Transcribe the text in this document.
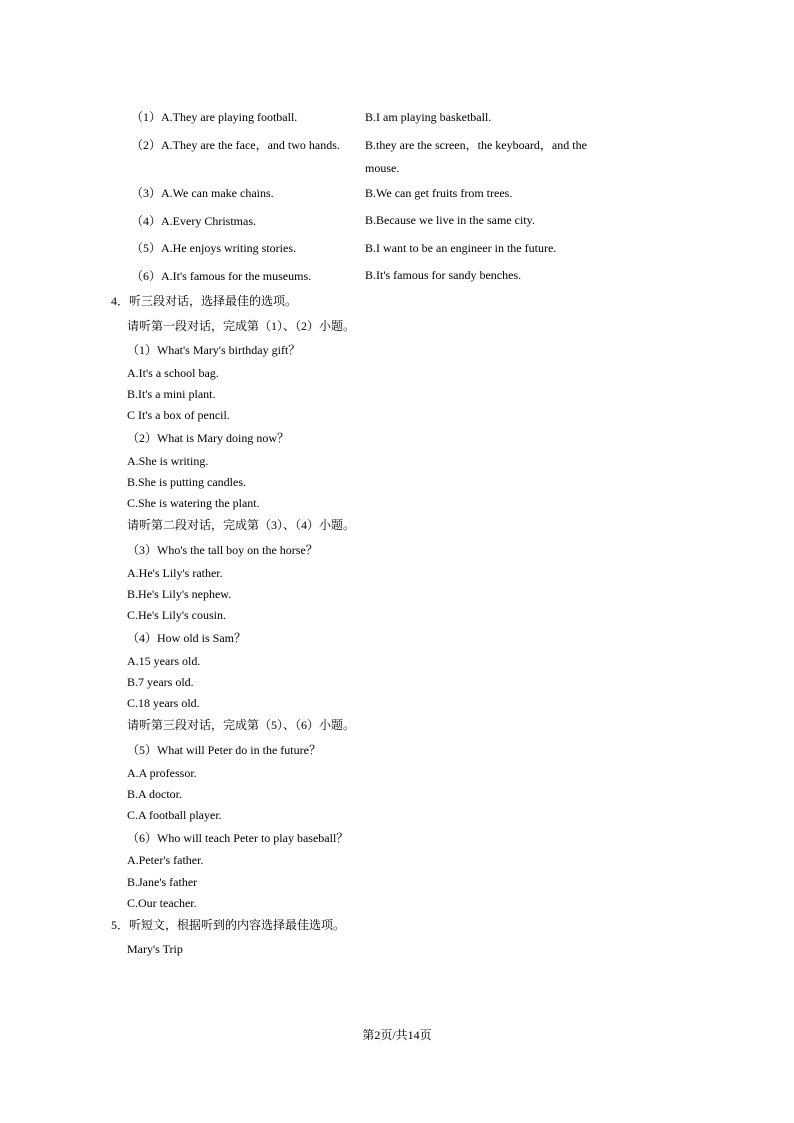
（1）A.They are playing football.	B.I am playing basketball.
（2）A.They are the face，and two hands. B.they are the screen，the keyboard，and the
mouse.
（3）A.We can make chains.	B.We can get fruits from trees.
（4）A.Every Christmas.	B.Because we live in the same city.
（5）A.He enjoys writing stories.	B.I want to be an engineer in the future.
（6）A.It's famous for the museums.	B.It's famous for sandy benches.
4．听三段对话，选择最佳的选项。
请听第一段对话，完成第（1）、（2）小题。
（1）What's Mary's birthday gift？
A.It's a school bag.
B.It's a mini plant.
C It's a box of pencil.
（2）What is Mary doing now？
A.She is writing.
B.She is putting candles.
C.She is watering the plant.
请听第二段对话，完成第（3）、（4）小题。
（3）Who's the tall boy on the horse？
A.He's Lily's rather.
B.He's Lily's nephew.
C.He's Lily's cousin.
（4）How old is Sam？
A.15 years old.
B.7 years old.
C.18 years old.
请听第三段对话，完成第（5）、（6）小题。
（5）What will Peter do in the future？
A.A professor.
B.A doctor.
C.A football player.
（6）Who will teach Peter to play baseball？
A.Peter's father.
B.Jane's father
C.Our teacher.
5．听短文，根据听到的内容选择最佳选项。
Mary's Trip
第2页/共14页
